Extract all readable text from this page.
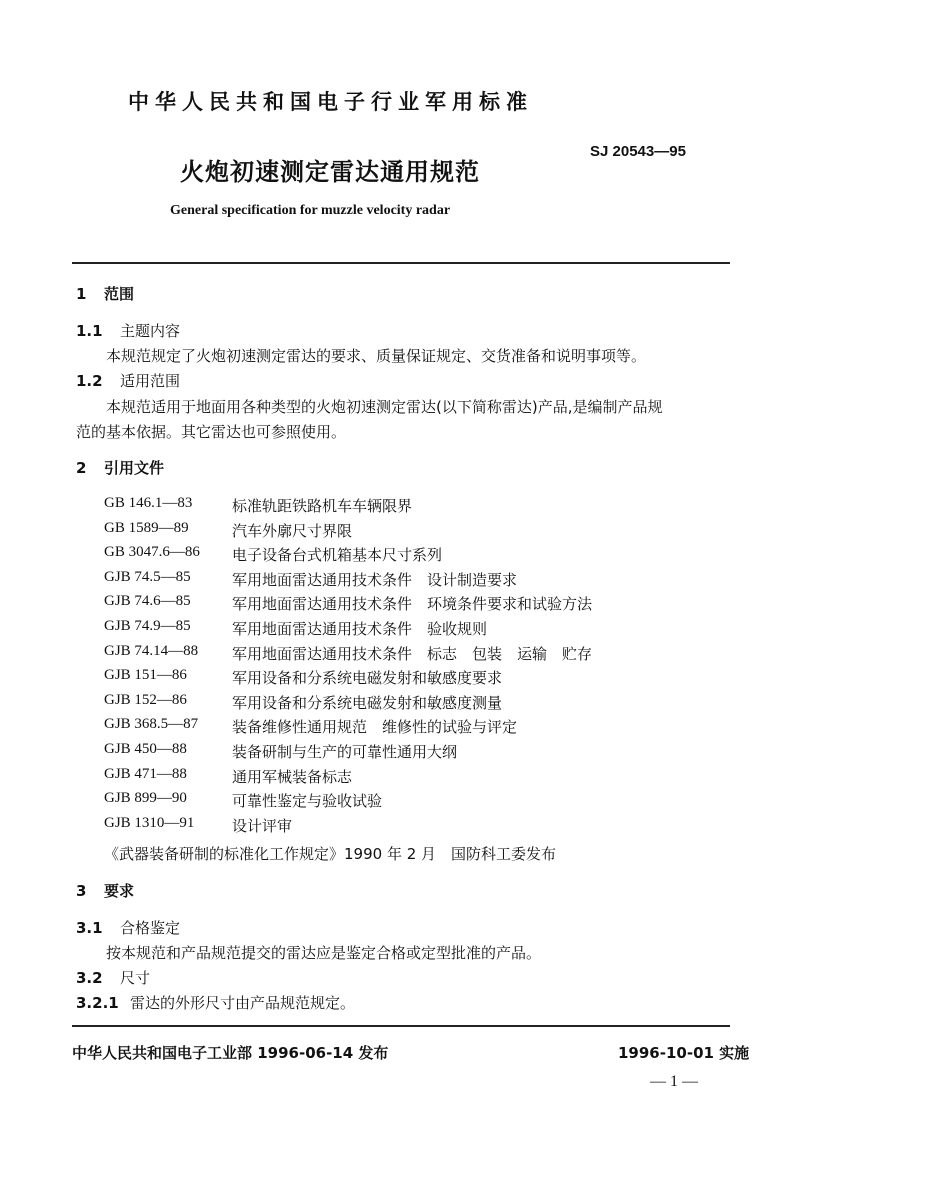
中华人民共和国电子行业军用标准
SJ 20543—95
火炮初速测定雷达通用规范
General specification for muzzle velocity radar
1 范围
1.1 主题内容
本规范规定了火炮初速测定雷达的要求、质量保证规定、交货准备和说明事项等。
1.2 适用范围
本规范适用于地面用各种类型的火炮初速测定雷达(以下简称雷达)产品,是编制产品规
范的基本依据。其它雷达也可参照使用。
2 引用文件
GB 146.1—83	标准轨距铁路机车车辆限界
GB 1589—89	汽车外廓尺寸界限
GB 3047.6—86 电子设备台式机箱基本尺寸系列
GJB 74.5—85	军用地面雷达通用技术条件　设计制造要求
GJB 74.6—85	军用地面雷达通用技术条件　环境条件要求和试验方法
GJB 74.9—85	军用地面雷达通用技术条件　验收规则
GJB 74.14—88 军用地面雷达通用技术条件　标志　包装　运输　贮存
GJB 151—86	军用设备和分系统电磁发射和敏感度要求
GJB 152—86	军用设备和分系统电磁发射和敏感度测量
GJB 368.5—87 装备维修性通用规范　维修性的试验与评定
GJB 450—88	装备研制与生产的可靠性通用大纲
GJB 471—88	通用军械装备标志
GJB 899—90	可靠性鉴定与验收试验
GJB 1310—91	设计评审
《武器装备研制的标准化工作规定》1990 年 2 月　国防科工委发布
3 要求
3.1 合格鉴定
按本规范和产品规范提交的雷达应是鉴定合格或定型批准的产品。
3.2 尺寸
3.2.1 雷达的外形尺寸由产品规范规定。
中华人民共和国电子工业部 1996-06-14 发布	1996-10-01 实施
— 1 —
